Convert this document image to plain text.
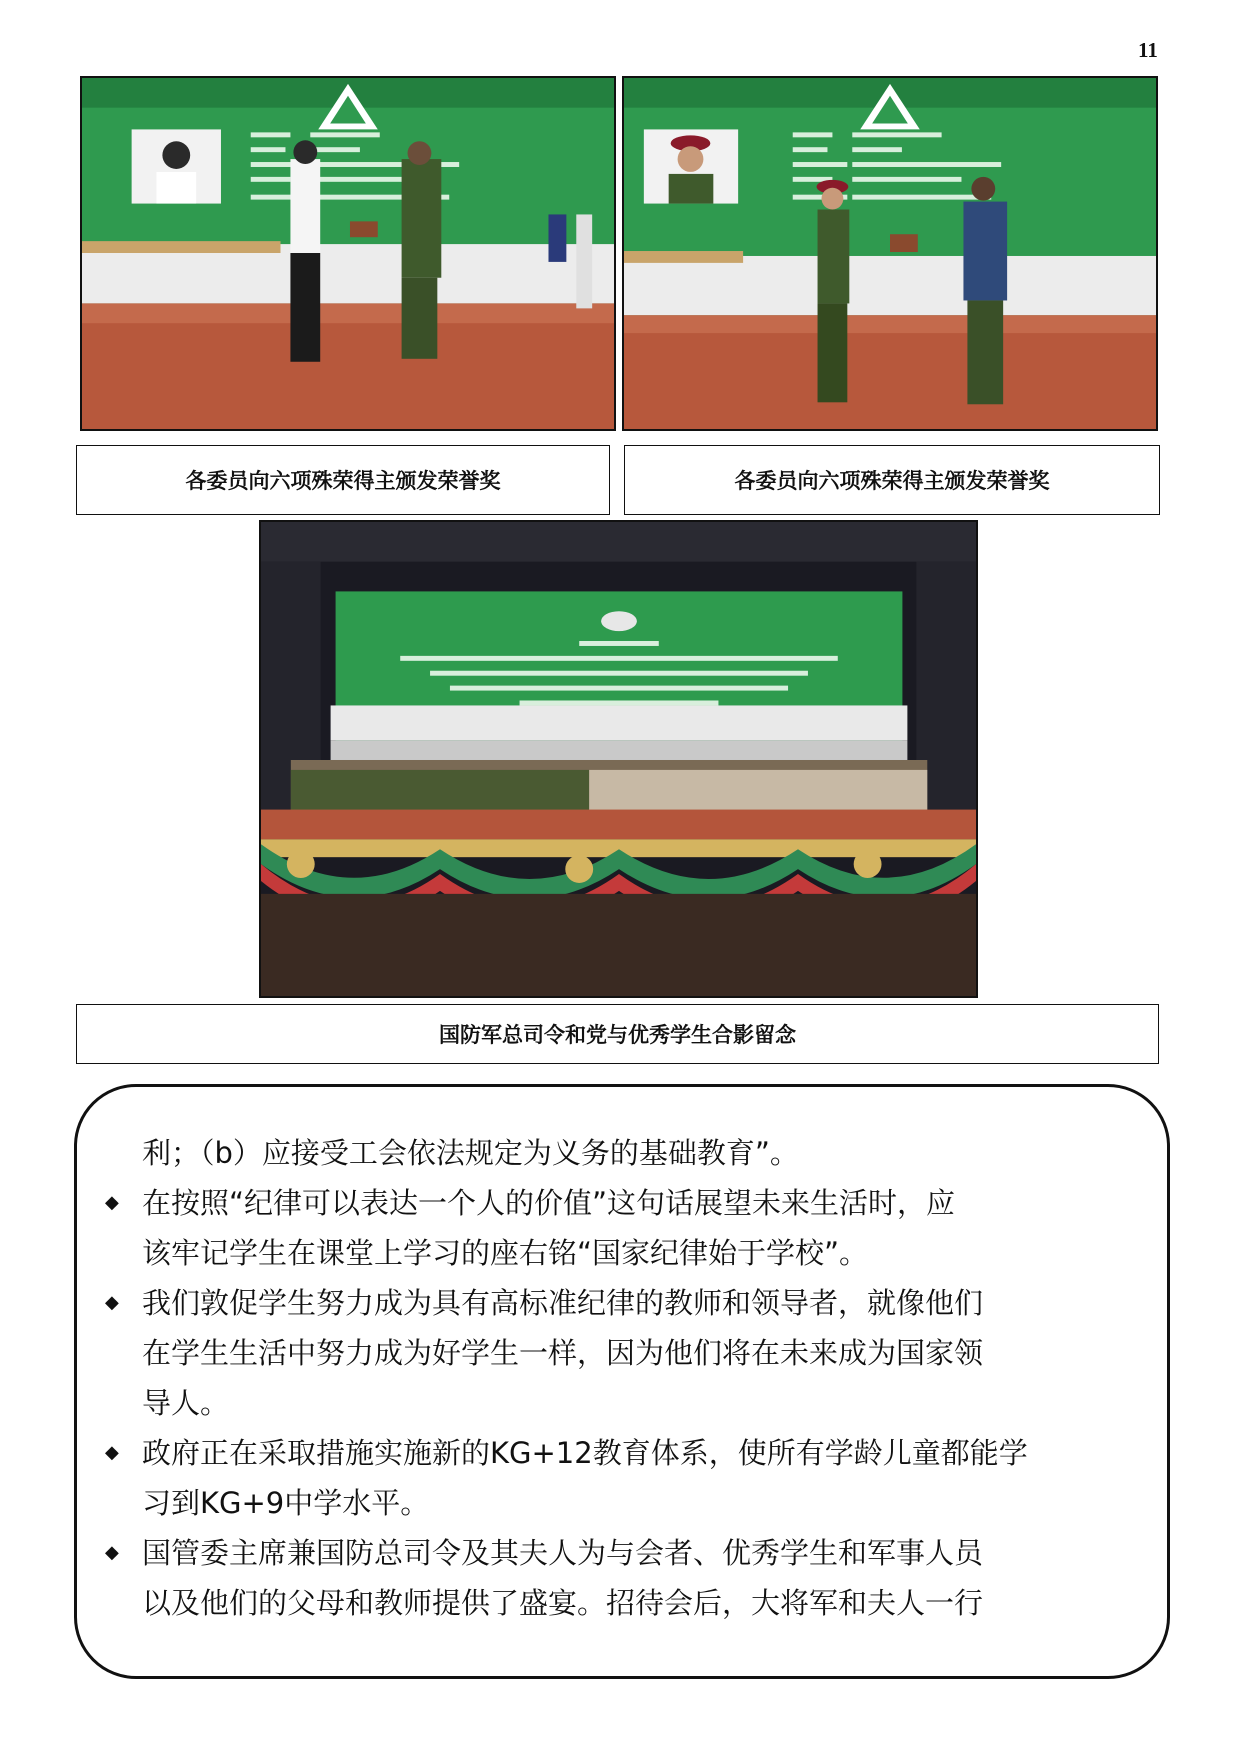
11
各委员向六项殊荣得主颁发荣誉奖	各委员向六项殊荣得主颁发荣誉奖
国防军总司令和党与优秀学生合影留念
利；（b）应接受工会依法规定为义务的基础教育”。
◆ 在按照“纪律可以表达一个人的价值”这句话展望未来生活时，应
该牢记学生在课堂上学习的座右铭“国家纪律始于学校”。
◆ 我们敦促学生努力成为具有高标准纪律的教师和领导者，就像他们
在学生生活中努力成为好学生一样，因为他们将在未来成为国家领
导人。
◆ 政府正在采取措施实施新的KG+12教育体系，使所有学龄儿童都能学
习到KG+9中学水平。
◆ 国管委主席兼国防总司令及其夫人为与会者、优秀学生和军事人员
以及他们的父母和教师提供了盛宴。招待会后，大将军和夫人一行
